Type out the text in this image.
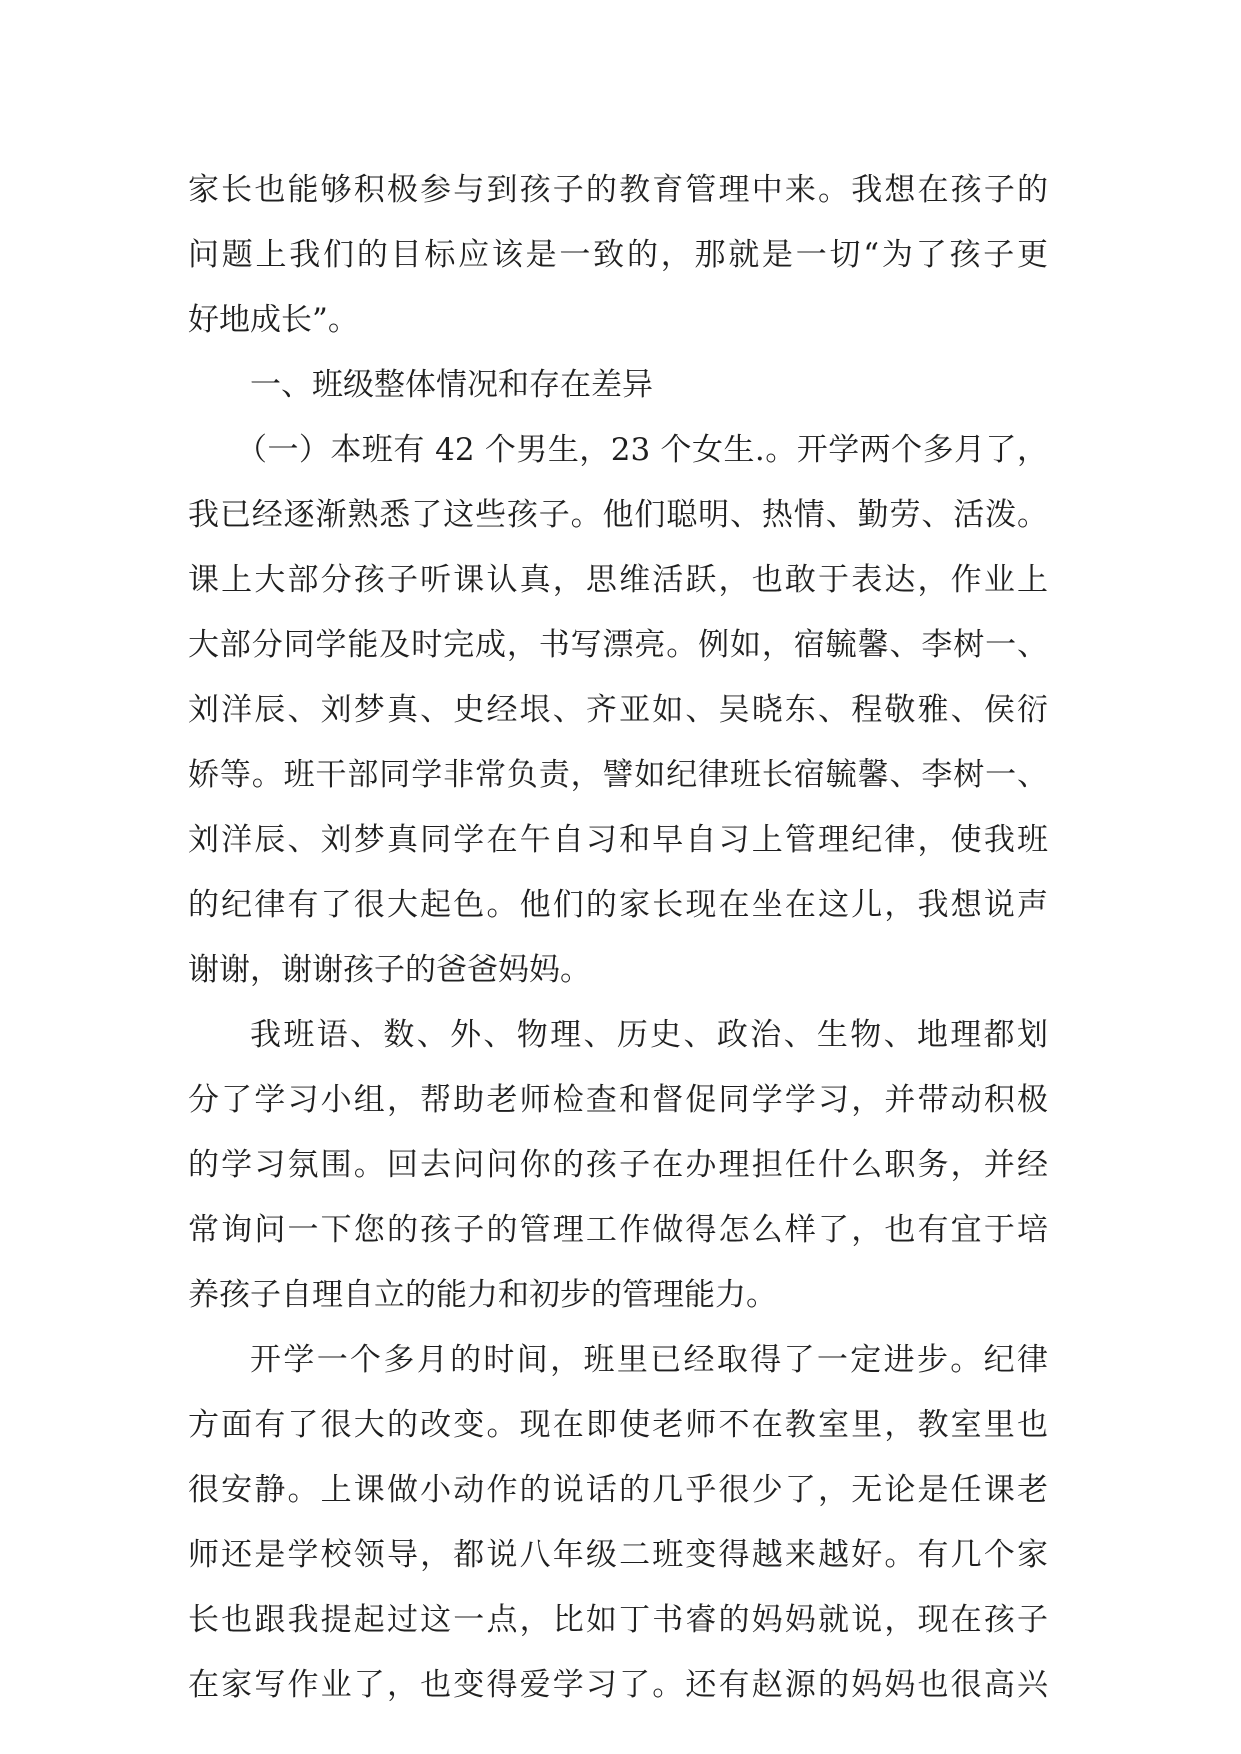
家长也能够积极参与到孩子的教育管理中来。我想在孩子的
问题上我们的目标应该是一致的，那就是一切“为了孩子更
好地成长”。
一、班级整体情况和存在差异
（一）本班有 42 个男生，23 个女生.。开学两个多月了，
我已经逐渐熟悉了这些孩子。他们聪明、热情、勤劳、活泼。
课上大部分孩子听课认真，思维活跃，也敢于表达，作业上
大部分同学能及时完成，书写漂亮。例如，宿毓馨、李树一、
刘洋辰、刘梦真、史经垠、齐亚如、吴晓东、程敬雅、侯衍
娇等。班干部同学非常负责，譬如纪律班长宿毓馨、李树一、
刘洋辰、刘梦真同学在午自习和早自习上管理纪律，使我班
的纪律有了很大起色。他们的家长现在坐在这儿，我想说声
谢谢，谢谢孩子的爸爸妈妈。
我班语、数、外、物理、历史、政治、生物、地理都划
分了学习小组，帮助老师检查和督促同学学习，并带动积极
的学习氛围。回去问问你的孩子在办理担任什么职务，并经
常询问一下您的孩子的管理工作做得怎么样了，也有宜于培
养孩子自理自立的能力和初步的管理能力。
开学一个多月的时间，班里已经取得了一定进步。纪律
方面有了很大的改变。现在即使老师不在教室里，教室里也
很安静。上课做小动作的说话的几乎很少了，无论是任课老
师还是学校领导，都说八年级二班变得越来越好。有几个家
长也跟我提起过这一点，比如丁书睿的妈妈就说，现在孩子
在家写作业了，也变得爱学习了。还有赵源的妈妈也很高兴
